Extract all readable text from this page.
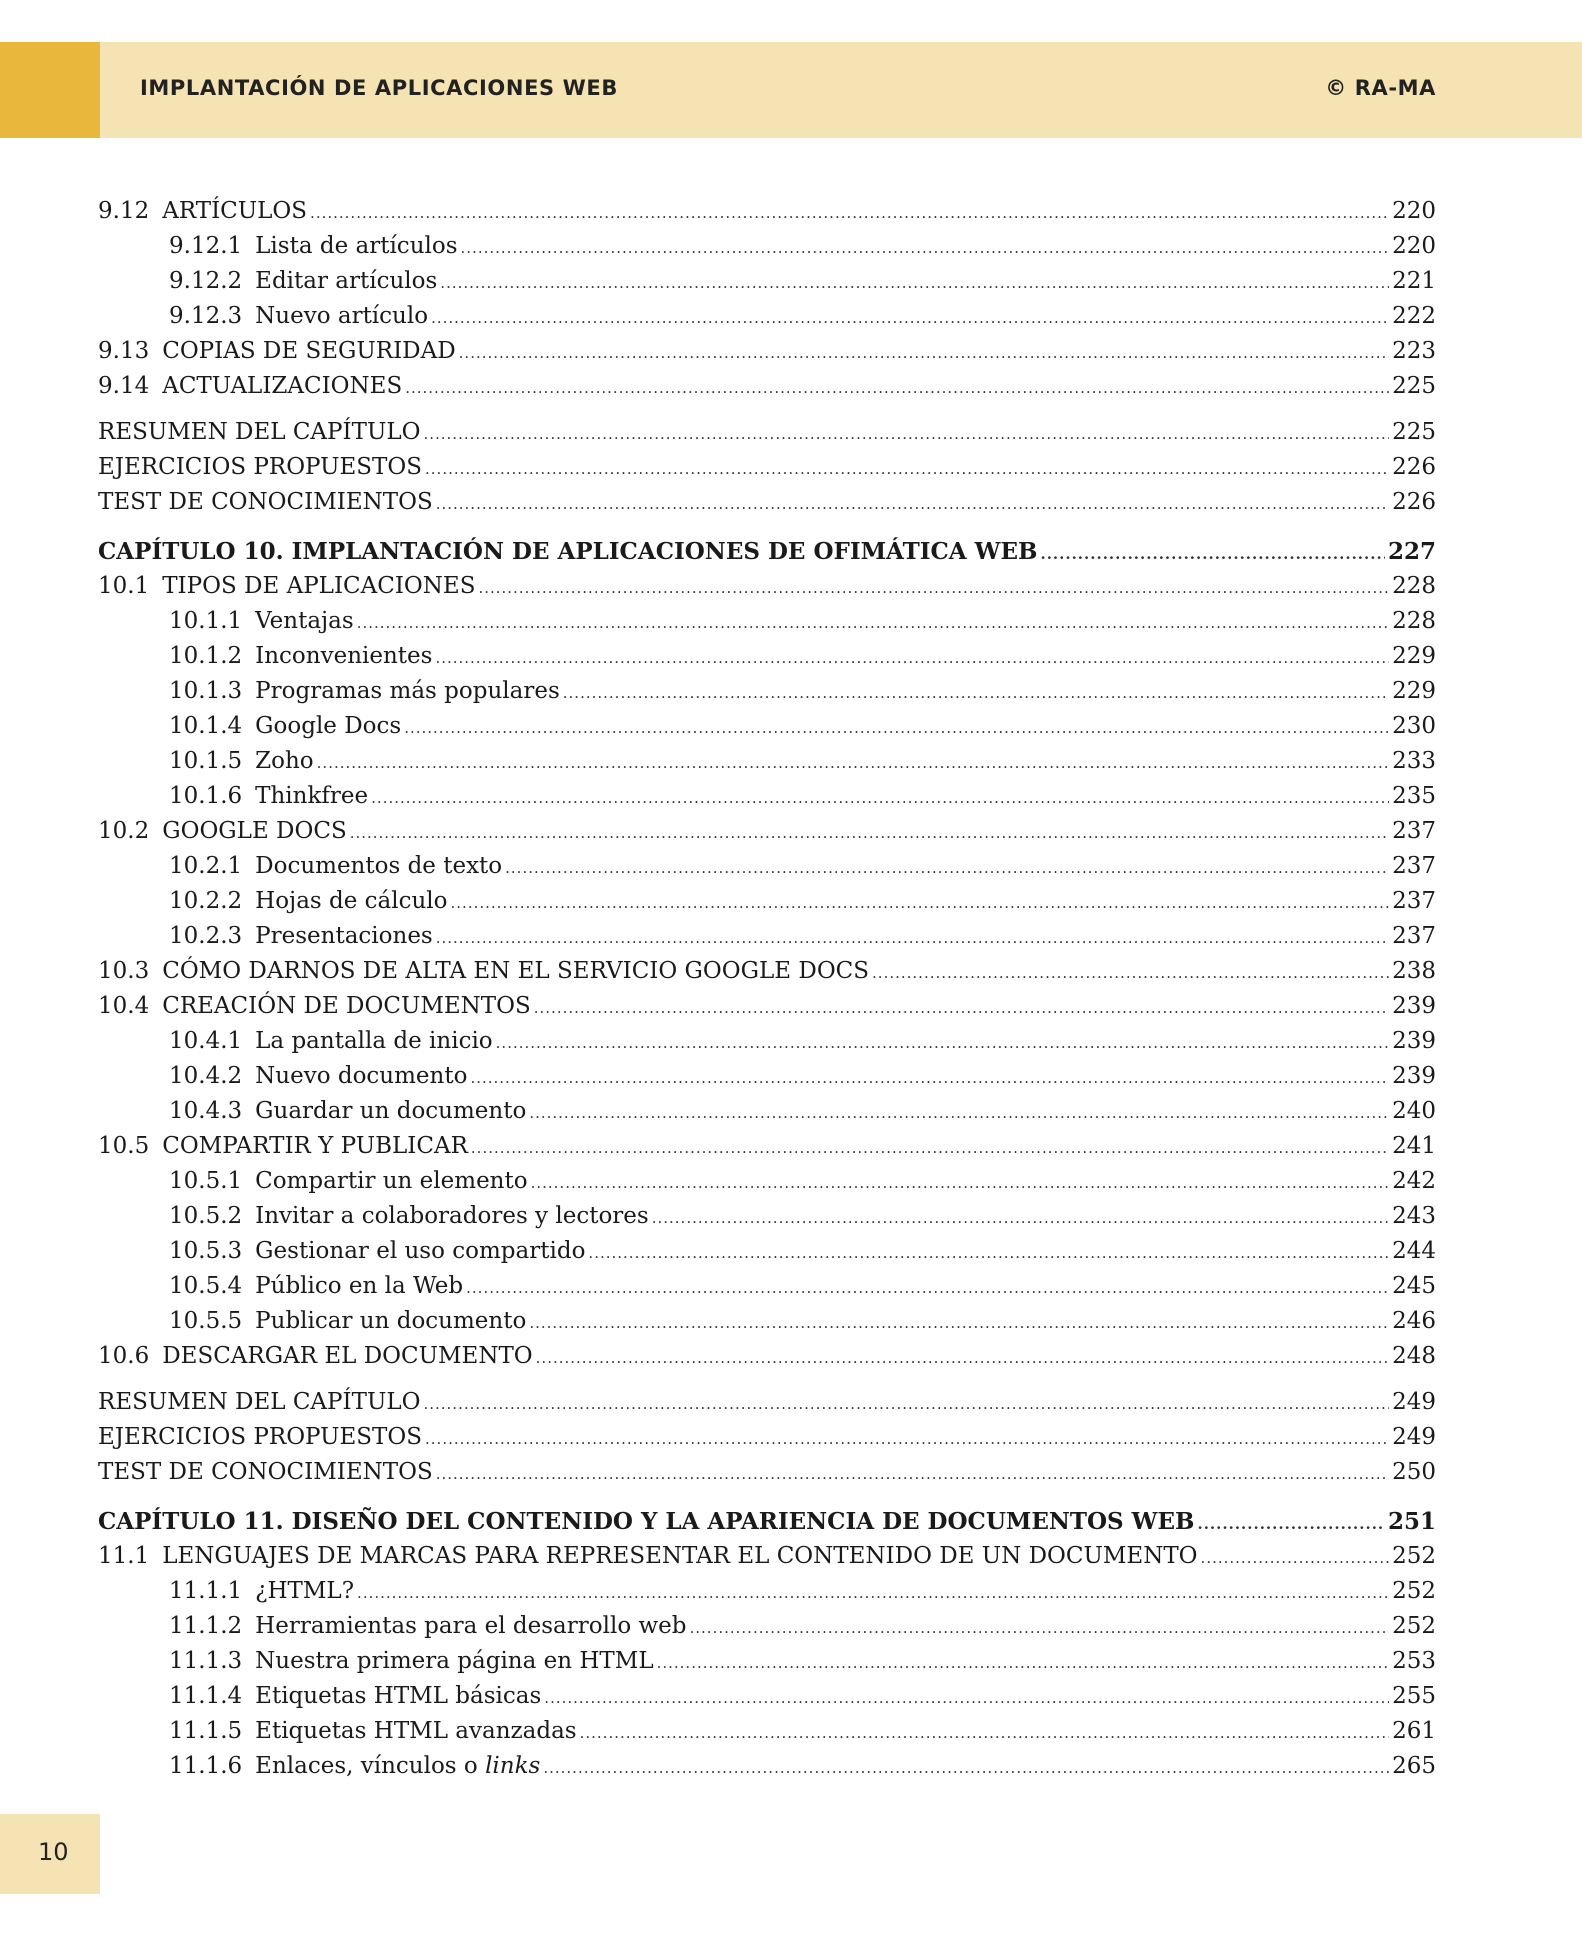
IMPLANTACIÓN DE APLICACIONES WEB	© RA-MA
9.12 ARTÍCULOS .....	220
9.12.1 Lista de artículos .....	220
9.12.2 Editar artículos .....	221
9.12.3 Nuevo artículo .....	222
9.13 COPIAS DE SEGURIDAD .....	223
9.14 ACTUALIZACIONES .....	225
RESUMEN DEL CAPÍTULO .....	225
EJERCICIOS PROPUESTOS .....	226
TEST DE CONOCIMIENTOS .....	226
CAPÍTULO 10. IMPLANTACIÓN DE APLICACIONES DE OFIMÁTICA WEB .....	227
10.1 TIPOS DE APLICACIONES .....	228
10.1.1 Ventajas .....	228
10.1.2 Inconvenientes .....	229
10.1.3 Programas más populares .....	229
10.1.4 Google Docs .....	230
10.1.5 Zoho .....	233
10.1.6 Thinkfree .....	235
10.2 GOOGLE DOCS .....	237
10.2.1 Documentos de texto .....	237
10.2.2 Hojas de cálculo .....	237
10.2.3 Presentaciones .....	237
10.3 CÓMO DARNOS DE ALTA EN EL SERVICIO GOOGLE DOCS .....	238
10.4 CREACIÓN DE DOCUMENTOS .....	239
10.4.1 La pantalla de inicio .....	239
10.4.2 Nuevo documento .....	239
10.4.3 Guardar un documento .....	240
10.5 COMPARTIR Y PUBLICAR .....	241
10.5.1 Compartir un elemento .....	242
10.5.2 Invitar a colaboradores y lectores .....	243
10.5.3 Gestionar el uso compartido .....	244
10.5.4 Público en la Web .....	245
10.5.5 Publicar un documento .....	246
10.6 DESCARGAR EL DOCUMENTO .....	248
RESUMEN DEL CAPÍTULO .....	249
EJERCICIOS PROPUESTOS .....	249
TEST DE CONOCIMIENTOS .....	250
CAPÍTULO 11. DISEÑO DEL CONTENIDO Y LA APARIENCIA DE DOCUMENTOS WEB .....	251
11.1 LENGUAJES DE MARCAS PARA REPRESENTAR EL CONTENIDO DE UN DOCUMENTO .....	252
11.1.1 ¿HTML? .....	252
11.1.2 Herramientas para el desarrollo web .....	252
11.1.3 Nuestra primera página en HTML .....	253
11.1.4 Etiquetas HTML básicas .....	255
11.1.5 Etiquetas HTML avanzadas .....	261
11.1.6 Enlaces, vínculos o links .....	265
10
